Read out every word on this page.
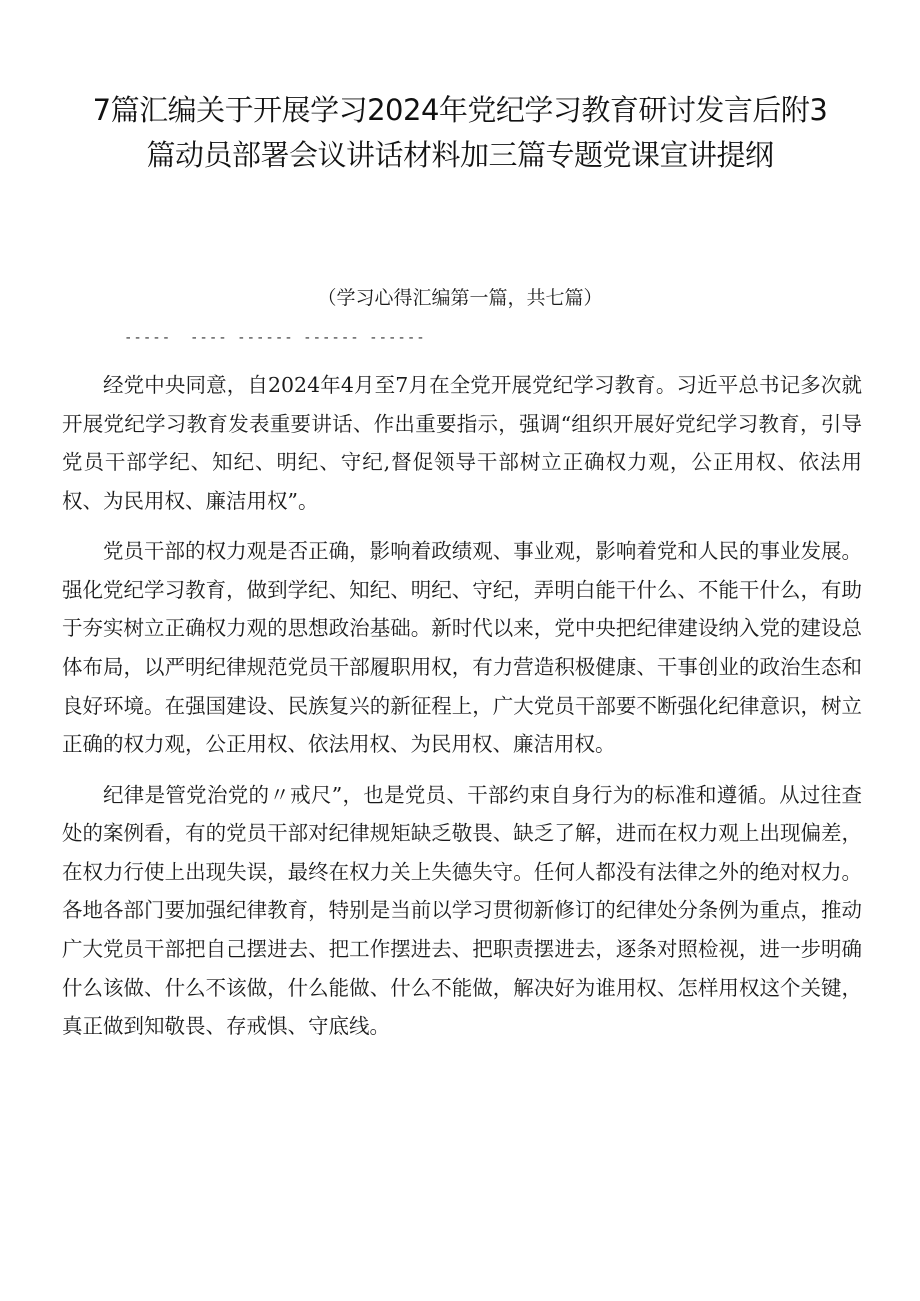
7篇汇编关于开展学习2024年党纪学习教育研讨发言后附3篇动员部署会议讲话材料加三篇专题党课宣讲提纲

（学习心得汇编第一篇，共七篇）

-----  ---- ------ ------ ------

经党中央同意，自2024年4月至7月在全党开展党纪学习教育。习近平总书记多次就开展党纪学习教育发表重要讲话、作出重要指示，强调“组织开展好党纪学习教育，引导党员干部学纪、知纪、明纪、守纪,督促领导干部树立正确权力观，公正用权、依法用权、为民用权、廉洁用权”。

党员干部的权力观是否正确，影响着政绩观、事业观，影响着党和人民的事业发展。强化党纪学习教育，做到学纪、知纪、明纪、守纪，弄明白能干什么、不能干什么，有助于夯实树立正确权力观的思想政治基础。新时代以来，党中央把纪律建设纳入党的建设总体布局，以严明纪律规范党员干部履职用权，有力营造积极健康、干事创业的政治生态和良好环境。在强国建设、民族复兴的新征程上，广大党员干部要不断强化纪律意识，树立正确的权力观，公正用权、依法用权、为民用权、廉洁用权。

纪律是管党治党的〃戒尺”，也是党员、干部约束自身行为的标准和遵循。从过往查处的案例看，有的党员干部对纪律规矩缺乏敬畏、缺乏了解，进而在权力观上出现偏差，在权力行使上出现失误，最终在权力关上失德失守。任何人都没有法律之外的绝对权力。各地各部门要加强纪律教育，特别是当前以学习贯彻新修订的纪律处分条例为重点，推动广大党员干部把自己摆进去、把工作摆进去、把职责摆进去，逐条对照检视，进一步明确什么该做、什么不该做，什么能做、什么不能做，解决好为谁用权、怎样用权这个关键，真正做到知敬畏、存戒惧、守底线。
